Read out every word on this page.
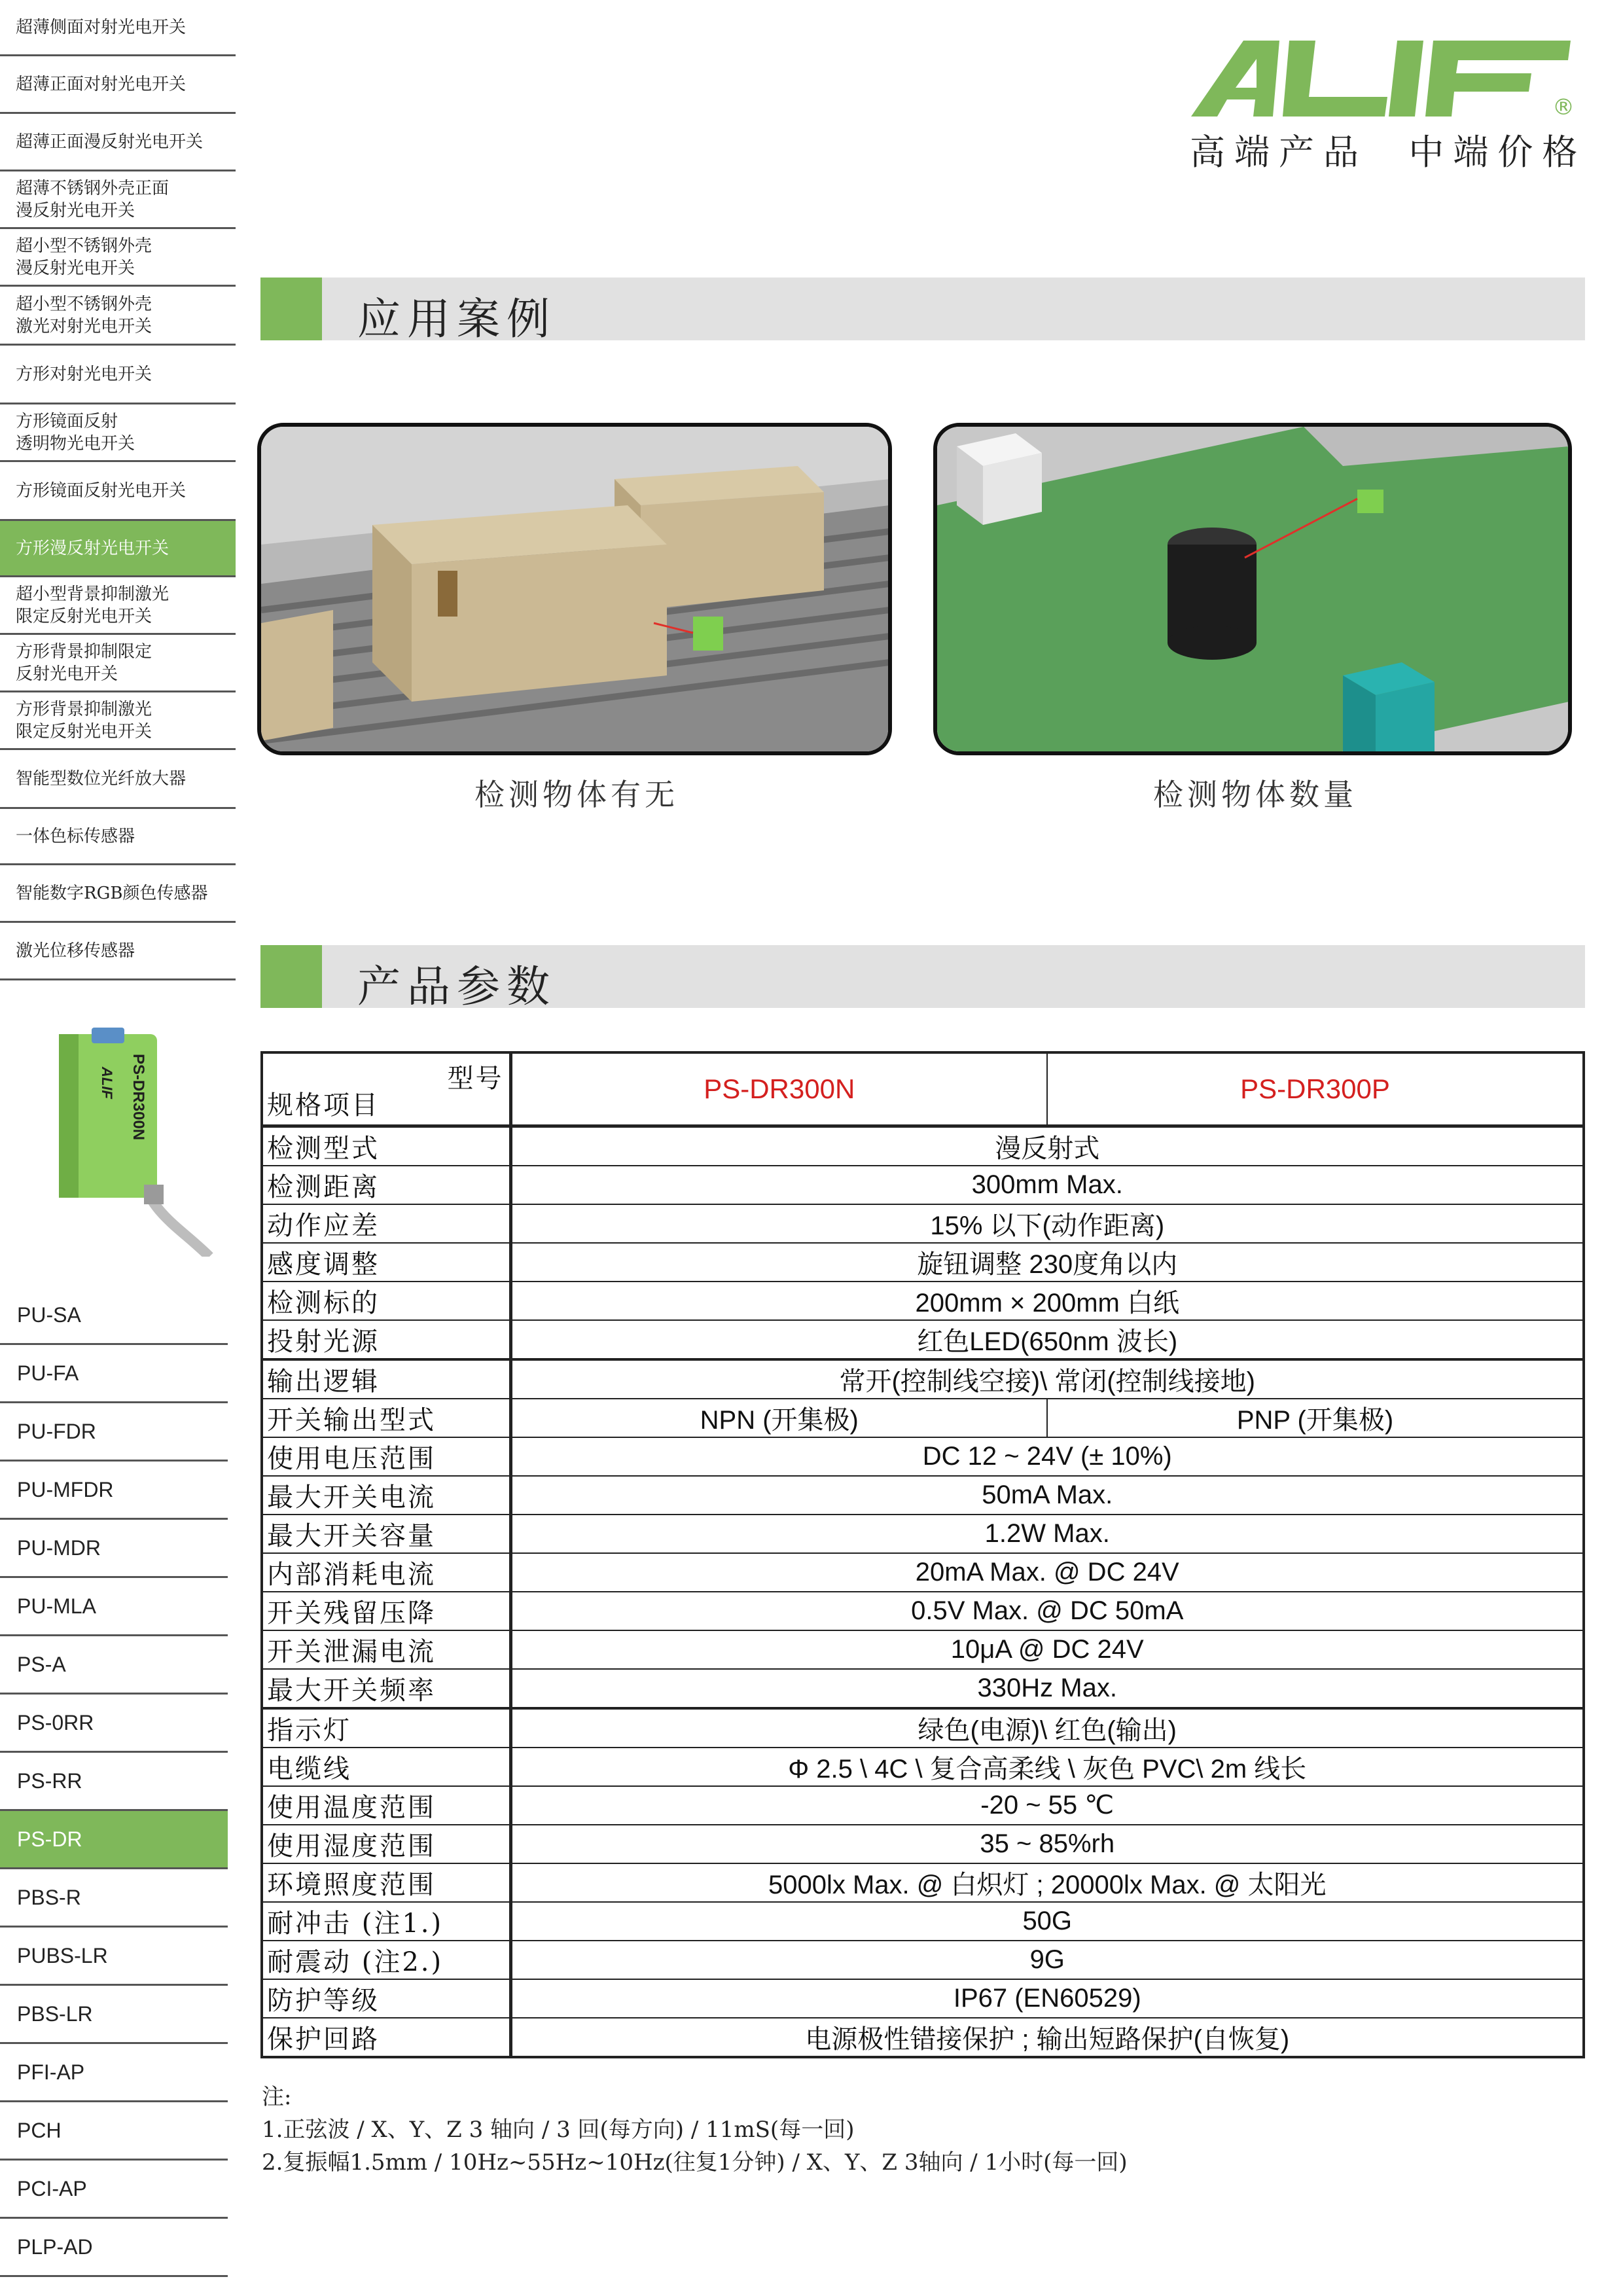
超薄侧面对射光电开关
超薄正面对射光电开关
超薄正面漫反射光电开关
超薄不锈钢外壳正面
漫反射光电开关
超小型不锈钢外壳
漫反射光电开关
超小型不锈钢外壳
激光对射光电开关
方形对射光电开关
方形镜面反射
透明物光电开关
方形镜面反射光电开关
方形漫反射光电开关
超小型背景抑制激光
限定反射光电开关
方形背景抑制限定
反射光电开关
方形背景抑制激光
限定反射光电开关
智能型数位光纤放大器
一体色标传感器
智能数字RGB颜色传感器
激光位移传感器
PS-DR300N
ALIF
PU-SA
PU-FA
PU-FDR
PU-MFDR
PU-MDR
PU-MLA
PS-A
PS-0RR
PS-RR
PS-DR
PBS-R
PUBS-LR
PBS-LR
PFI-AP
PCH
PCI-AP
PLP-AD
®
高端产品  中端价格
应用案例
检测物体有无	检测物体数量
产品参数
型号
规格项目	PS-DR300N	PS-DR300P
检测型式	漫反射式	
检测距离	300mm Max.	
动作应差	15% 以下(动作距离)	
感度调整	旋钮调整 230度角以内	
检测标的	200mm × 200mm 白纸	
投射光源	红色LED(650nm 波长)	
输出逻辑	常开(控制线空接)\ 常闭(控制线接地)	
开关输出型式	NPN (开集极)	PNP (开集极)
使用电压范围	DC 12 ~ 24V (± 10%)	
最大开关电流	50mA Max.	
最大开关容量	1.2W Max.	
内部消耗电流	20mA Max. @ DC 24V	
开关残留压降	0.5V Max. @ DC 50mA	
开关泄漏电流	10μA @ DC 24V	
最大开关频率	330Hz Max.	
指示灯	绿色(电源)\ 红色(输出)	
电缆线	Φ 2.5 \ 4C \ 复合高柔线 \ 灰色 PVC\ 2m 线长	
使用温度范围	-20 ~ 55 ℃	
使用湿度范围	35 ~ 85%rh	
环境照度范围	5000lx Max. @ 白炽灯 ; 20000lx Max. @ 太阳光	
耐冲击 (注1.)	50G	
耐震动 (注2.)	9G	
防护等级	IP67 (EN60529)	
保护回路	电源极性错接保护 ; 输出短路保护(自恢复)	
注:
1.正弦波 / X、Y、Z 3 轴向 / 3 回(每方向) / 11mS(每一回)
2.复振幅1.5mm / 10Hz~55Hz~10Hz(往复1分钟) / X、Y、Z 3轴向 / 1小时(每一回)
